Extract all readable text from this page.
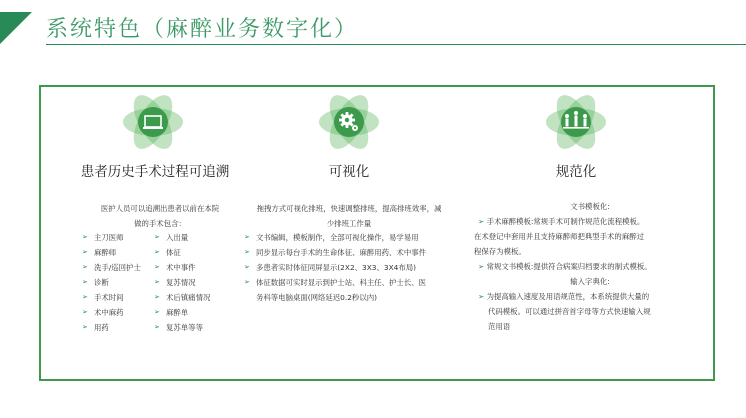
系统特色（麻醉业务数字化）
患者历史手术过程可追溯
医护人员可以追溯出患者以前在本院
做的手术包含：
➢ 主刀医师
➢ 麻醉师
➢ 洗手/巡回护士
➢ 诊断
➢ 手术时间
➢ 术中麻药
➢ 用药
➢ 入出量
➢ 体征
➢ 术中事件
➢ 复苏情况
➢ 术后镇痛情况
➢ 麻醉单
➢ 复苏单等等
可视化
拖拽方式可视化排班，快速调整排班，提高排班效率，减
少排班工作量
➢ 文书编辑，模板制作，全部可视化操作，易学易用
➢ 同步显示每台手术的生命体征、麻醉用药、术中事件
➢ 多患者实时体征同屏显示(2X2、3X3、3X4布局)
➢ 体征数据可实时显示到护士站、科主任、护士长、医
务科等电脑桌面(网络延迟0.2秒以内)
规范化
文书模板化:
➢ 手术麻醉模板:常规手术可制作规范化流程模板。
在术登记中套用并且支持麻醉师把典型手术的麻醉过
程保存为模板。
➢ 常规文书模板:提供符合病案归档要求的制式模板。
输入字典化:
➢ 为提高输入速度及用语规范性，本系统提供大量的
代码模板。可以通过拼音首字母等方式快速输入规
范用语
